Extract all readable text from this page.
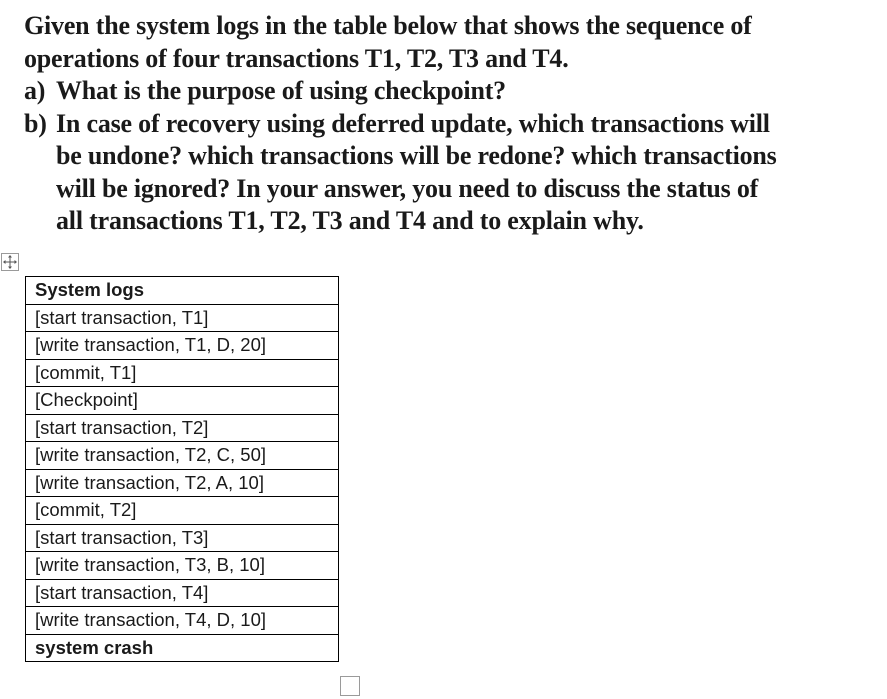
Given the system logs in the table below that shows the sequence of
operations of four transactions T1, T2, T3 and T4.
a) What is the purpose of using checkpoint?
b) In case of recovery using deferred update, which transactions will
be undone? which transactions will be redone? which transactions
will be ignored? In your answer, you need to discuss the status of
all transactions T1, T2, T3 and T4 and to explain why.
System logs
[start transaction, T1]
[write transaction, T1, D, 20]
[commit, T1]
[Checkpoint]
[start transaction, T2]
[write transaction, T2, C, 50]
[write transaction, T2, A, 10]
[commit, T2]
[start transaction, T3]
[write transaction, T3, B, 10]
[start transaction, T4]
[write transaction, T4, D, 10]
system crash
